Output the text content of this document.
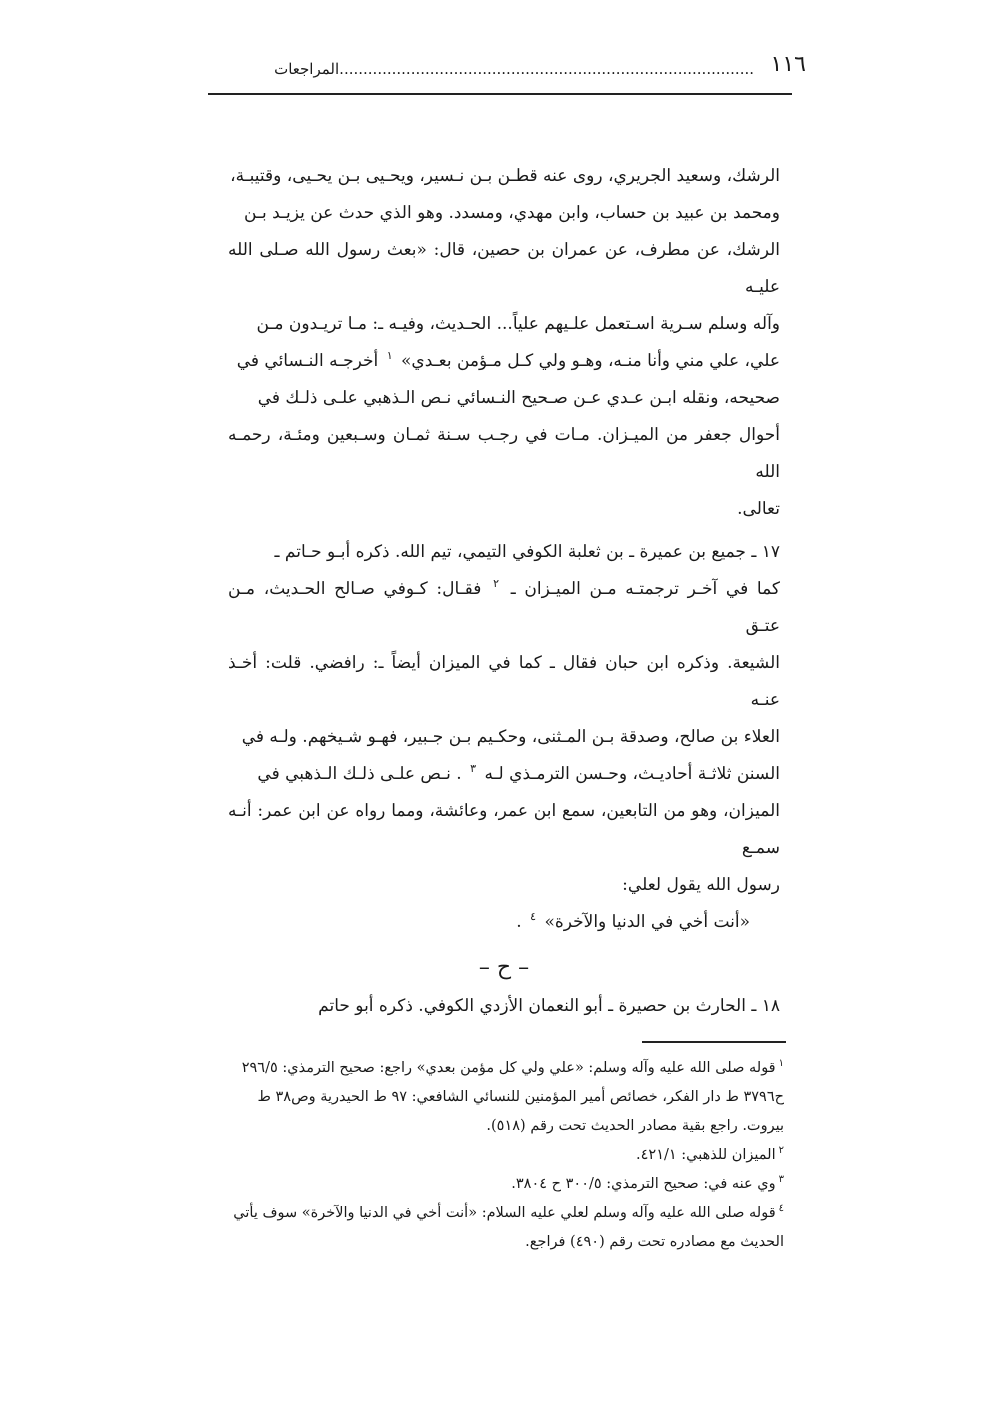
١١٦
المراجعات.......................................................................................

الرشك، وسعيد الجريري، روى عنه قطـن بـن نـسير، ويحـيى بـن يحـيى، وقتيبـة،

ومحمد بن عبيد بن حساب، وابن مهدي، ومسدد. وهو الذي حدث عن يزيـد بـن

الرشك، عن مطرف، عن عمران بن حصين، قال: «بعث رسول الله صـلى الله عليـه

وآله وسلم سـرية اسـتعمل علـيهم علياً... الحـديث، وفيـه ـ: مـا تريـدون مـن

علي، علي مني وأنا منـه، وهـو ولي كـل مـؤمن بعـدي» $^١$ أخرجـه النـسائي في

صحيحه، ونقله ابـن عـدي عـن صـحيح النـسائي نـص الـذهبي علـى ذلـك في

أحوال جعفر من الميـزان. مـات في رجـب سـنة ثمـان وسـبعين ومئـة، رحمـه الله

تعالى.

١٧ ـ جميع بن عميرة ـ بن ثعلبة الكوفي التيمي، تيم الله. ذكره أبـو حـاتم ـ

كما في آخـر ترجمتـه مـن الميـزان ـ $^٢$ فقـال: كـوفي صـالح الحـديث، مـن عتـق

الشيعة. وذكره ابن حبان فقال ـ كما في الميزان أيضاً ـ: رافضي. قلت: أخـذ عنـه

العلاء بن صالح، وصدقة بـن المـثنى، وحكـيم بـن جـبير، فهـو شـيخهم. ولـه في

السنن ثلاثـة أحاديـث، وحـسن الترمـذي لـه $^٣$ . نـص علـى ذلـك الـذهبي في

الميزان، وهو من التابعين، سمع ابن عمر، وعائشة، ومما رواه عن ابن عمر: أنـه سمـع

رسول الله يقول لعلي:

«أنت أخي في الدنيا والآخرة» $^٤$ .

– ح –

١٨ ـ الحارث بن حصيرة ـ أبو النعمان الأزدي الكوفي. ذكره أبو حاتم

$^١$قوله صلى الله عليه وآله وسلم: «علي ولي كل مؤمن بعدي» راجع: صحيح الترمذي: ٢٩٦/٥

ح٣٧٩٦ ط دار الفكر، خصائص أمير المؤمنين للنسائي الشافعي: ٩٧ ط الحيدرية وص٣٨ ط

بيروت. راجع بقية مصادر الحديث تحت رقم (٥١٨).

$^٢$الميزان للذهبي: ٤٢١/١.

$^٣$وي عنه في: صحيح الترمذي: ٣٠٠/٥ ح ٣٨٠٤.

$^٤$قوله صلى الله عليه وآله وسلم لعلي عليه السلام: «أنت أخي في الدنيا والآخرة» سوف يأتي

الحديث مع مصادره تحت رقم (٤٩٠) فراجع.
